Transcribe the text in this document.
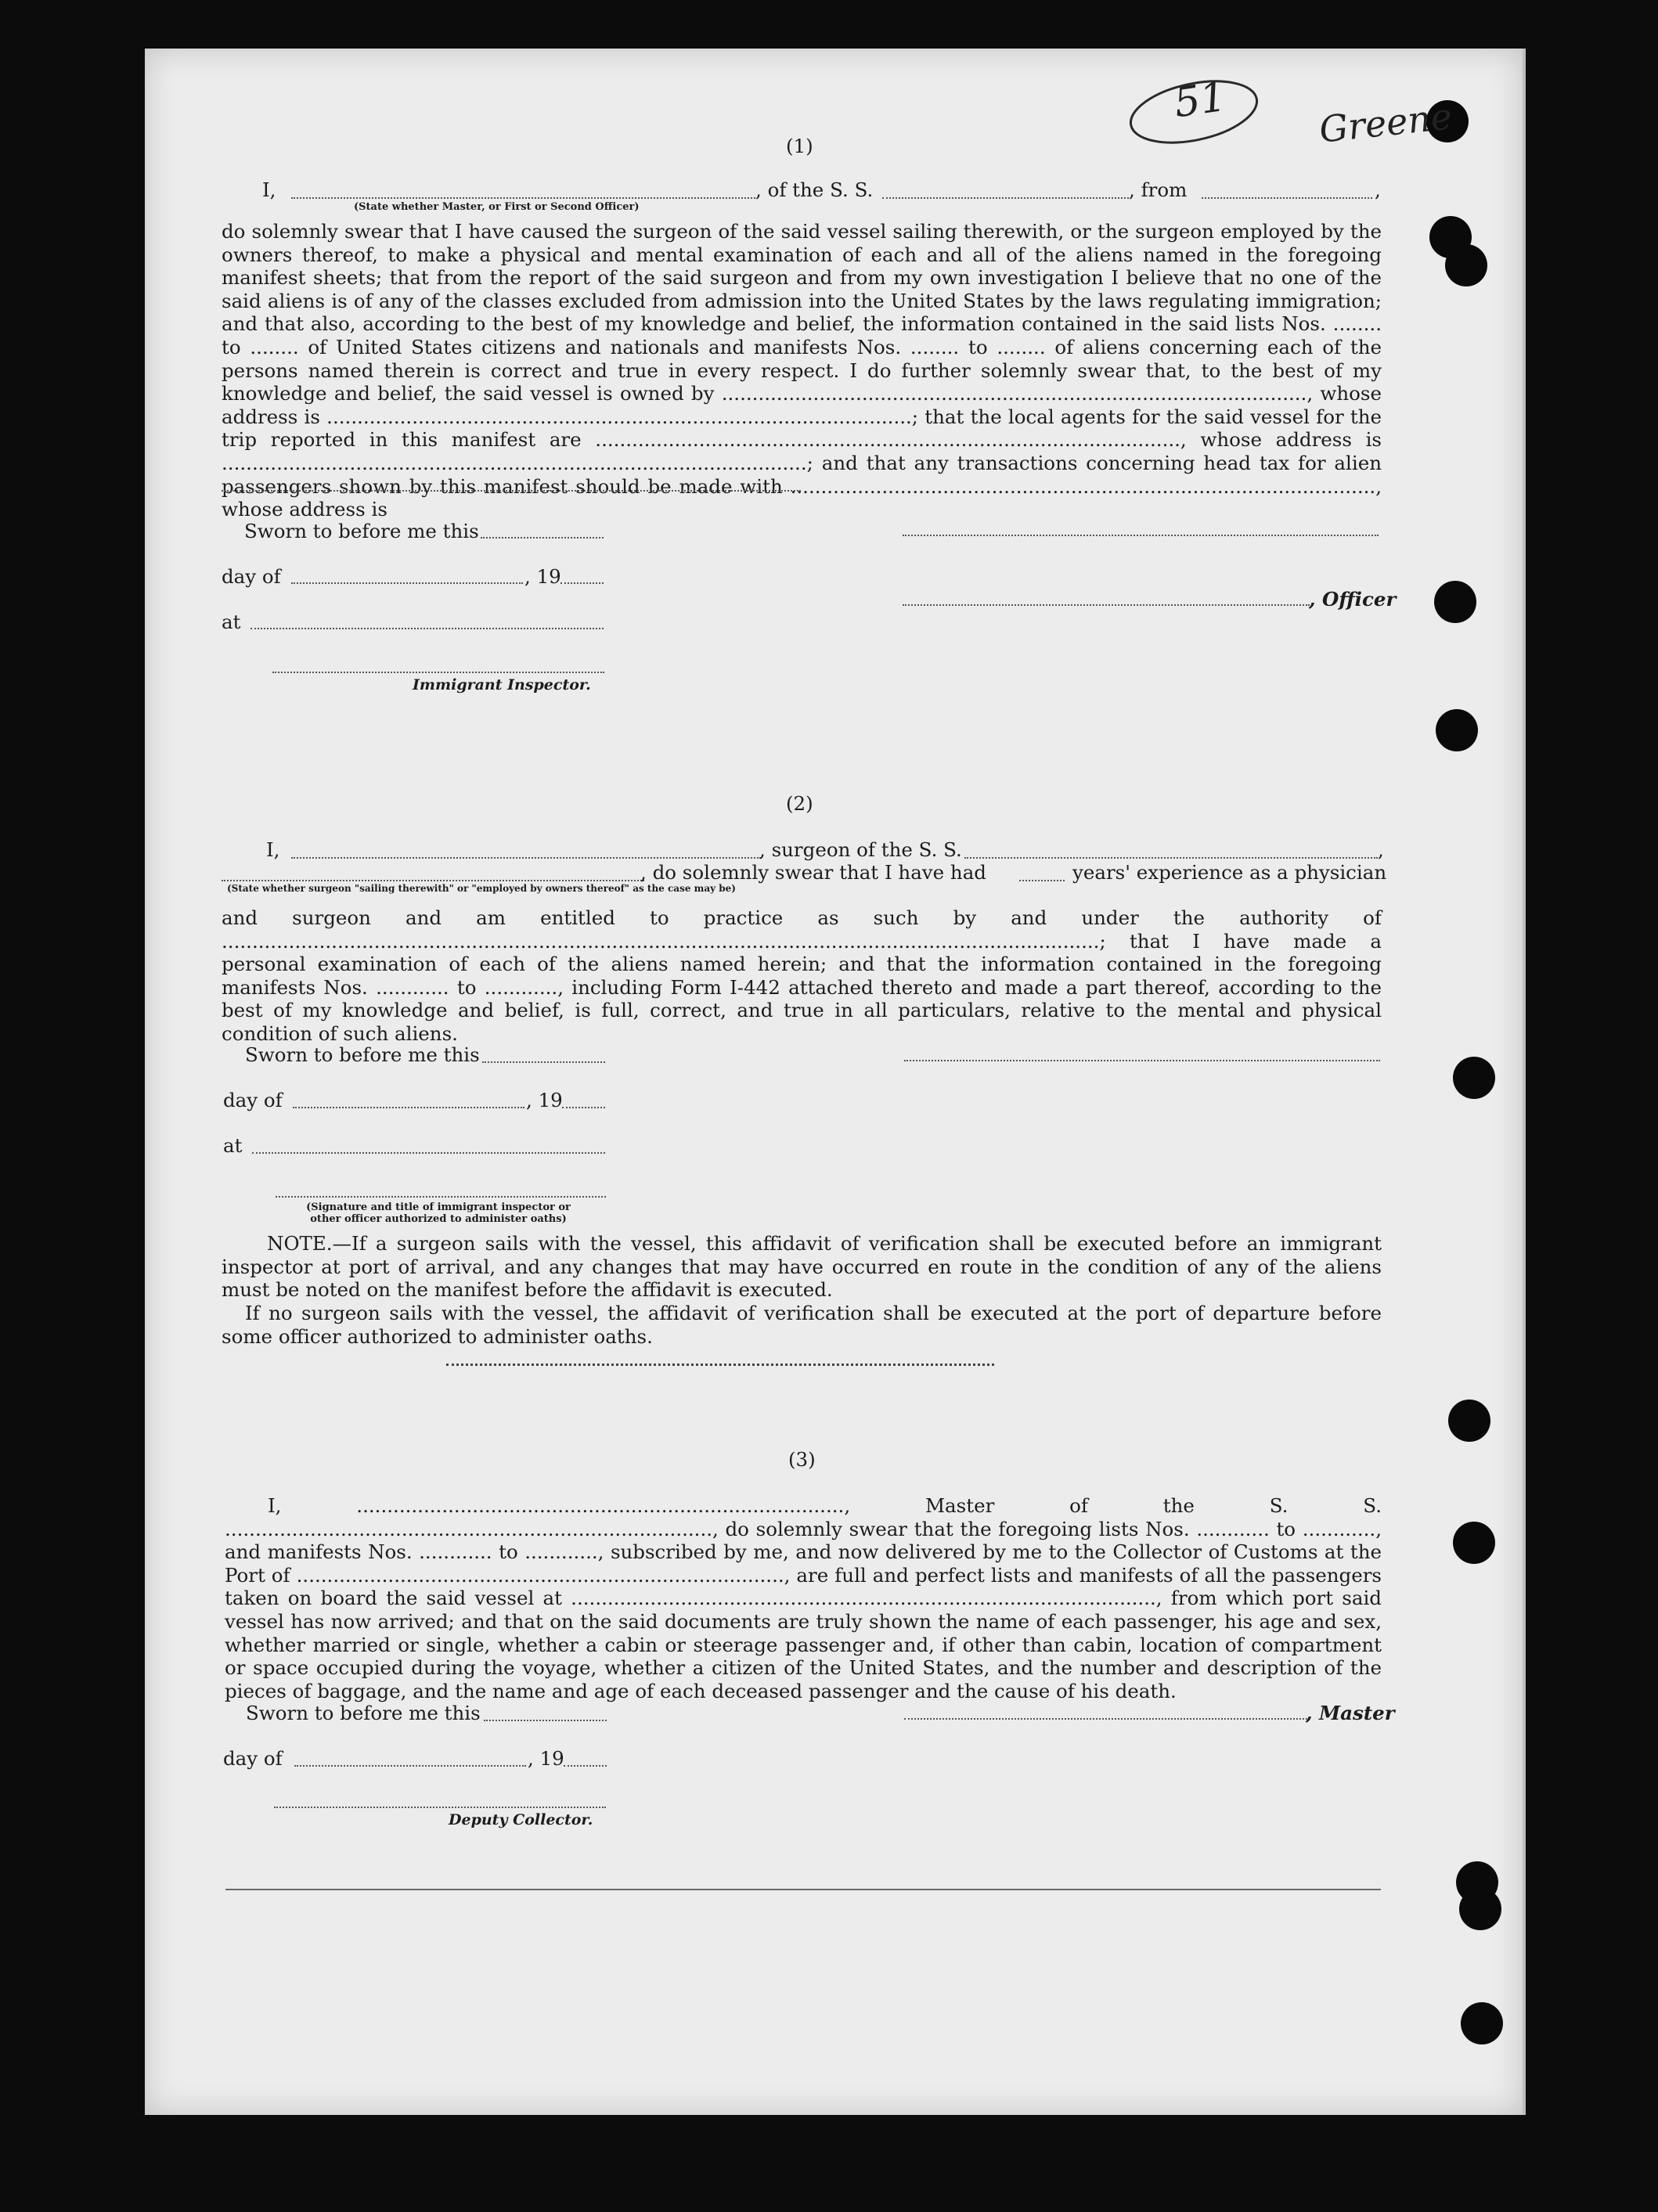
51 Greene
(1)
I,	, of the S. S.	, from	,
(State whether Master, or First or Second Officer)
do solemnly swear that I have caused the surgeon of the said vessel sailing therewith, or the surgeon employed by the owners thereof, to make a physical and mental examination of each and all of the aliens named in the foregoing manifest sheets; that from the report of the said surgeon and from my own investigation I believe that no one of the said aliens is of any of the classes excluded from admission into the United States by the laws regulating immigration; and that also, according to the best of my knowledge and belief, the information contained in the said lists Nos. ........ to ........ of United States citizens and nationals and manifests Nos. ........ to ........ of aliens concerning each of the persons named therein is correct and true in every respect. I do further solemnly swear that, to the best of my knowledge and belief, the said vessel is owned by ................................................................................................, whose address is ................................................................................................; that the local agents for the said vessel for the trip reported in this manifest are ................................................................................................, whose address is ................................................................................................; and that any transactions concerning head tax for alien passengers shown by this manifest should be made with ................................................................................................, whose address is
Sworn to before me this
day of	, 19
at
, Officer
Immigrant Inspector.
(2)
I,	, surgeon of the S. S.	,
, do solemnly swear that I have had	years' experience as a physician
(State whether surgeon "sailing therewith" or "employed by owners thereof" as the case may be)
and surgeon and am entitled to practice as such by and under the authority of ................................................................................................................................................; that I have made a personal examination of each of the aliens named herein; and that the information contained in the foregoing manifests Nos. ............ to ............, including Form I-442 attached thereto and made a part thereof, according to the best of my knowledge and belief, is full, correct, and true in all particulars, relative to the mental and physical condition of such aliens.
Sworn to before me this
day of	, 19
at
(Signature and title of immigrant inspector or
other officer authorized to administer oaths)
NOTE.—If a surgeon sails with the vessel, this affidavit of verification shall be executed before an immigrant inspector at port of arrival, and any changes that may have occurred en route in the condition of any of the aliens must be noted on the manifest before the affidavit is executed.
If no surgeon sails with the vessel, the affidavit of verification shall be executed at the port of departure before some officer authorized to administer oaths.
(3)
I, ................................................................................, Master of the S. S. ................................................................................, do solemnly swear that the foregoing lists Nos. ............ to ............, and manifests Nos. ............ to ............, subscribed by me, and now delivered by me to the Collector of Customs at the Port of ................................................................................, are full and perfect lists and manifests of all the passengers taken on board the said vessel at ................................................................................................, from which port said vessel has now arrived; and that on the said documents are truly shown the name of each passenger, his age and sex, whether married or single, whether a cabin or steerage passenger and, if other than cabin, location of compartment or space occupied during the voyage, whether a citizen of the United States, and the number and description of the pieces of baggage, and the name and age of each deceased passenger and the cause of his death.
Sworn to before me this	, Master
day of	, 19
Deputy Collector.
